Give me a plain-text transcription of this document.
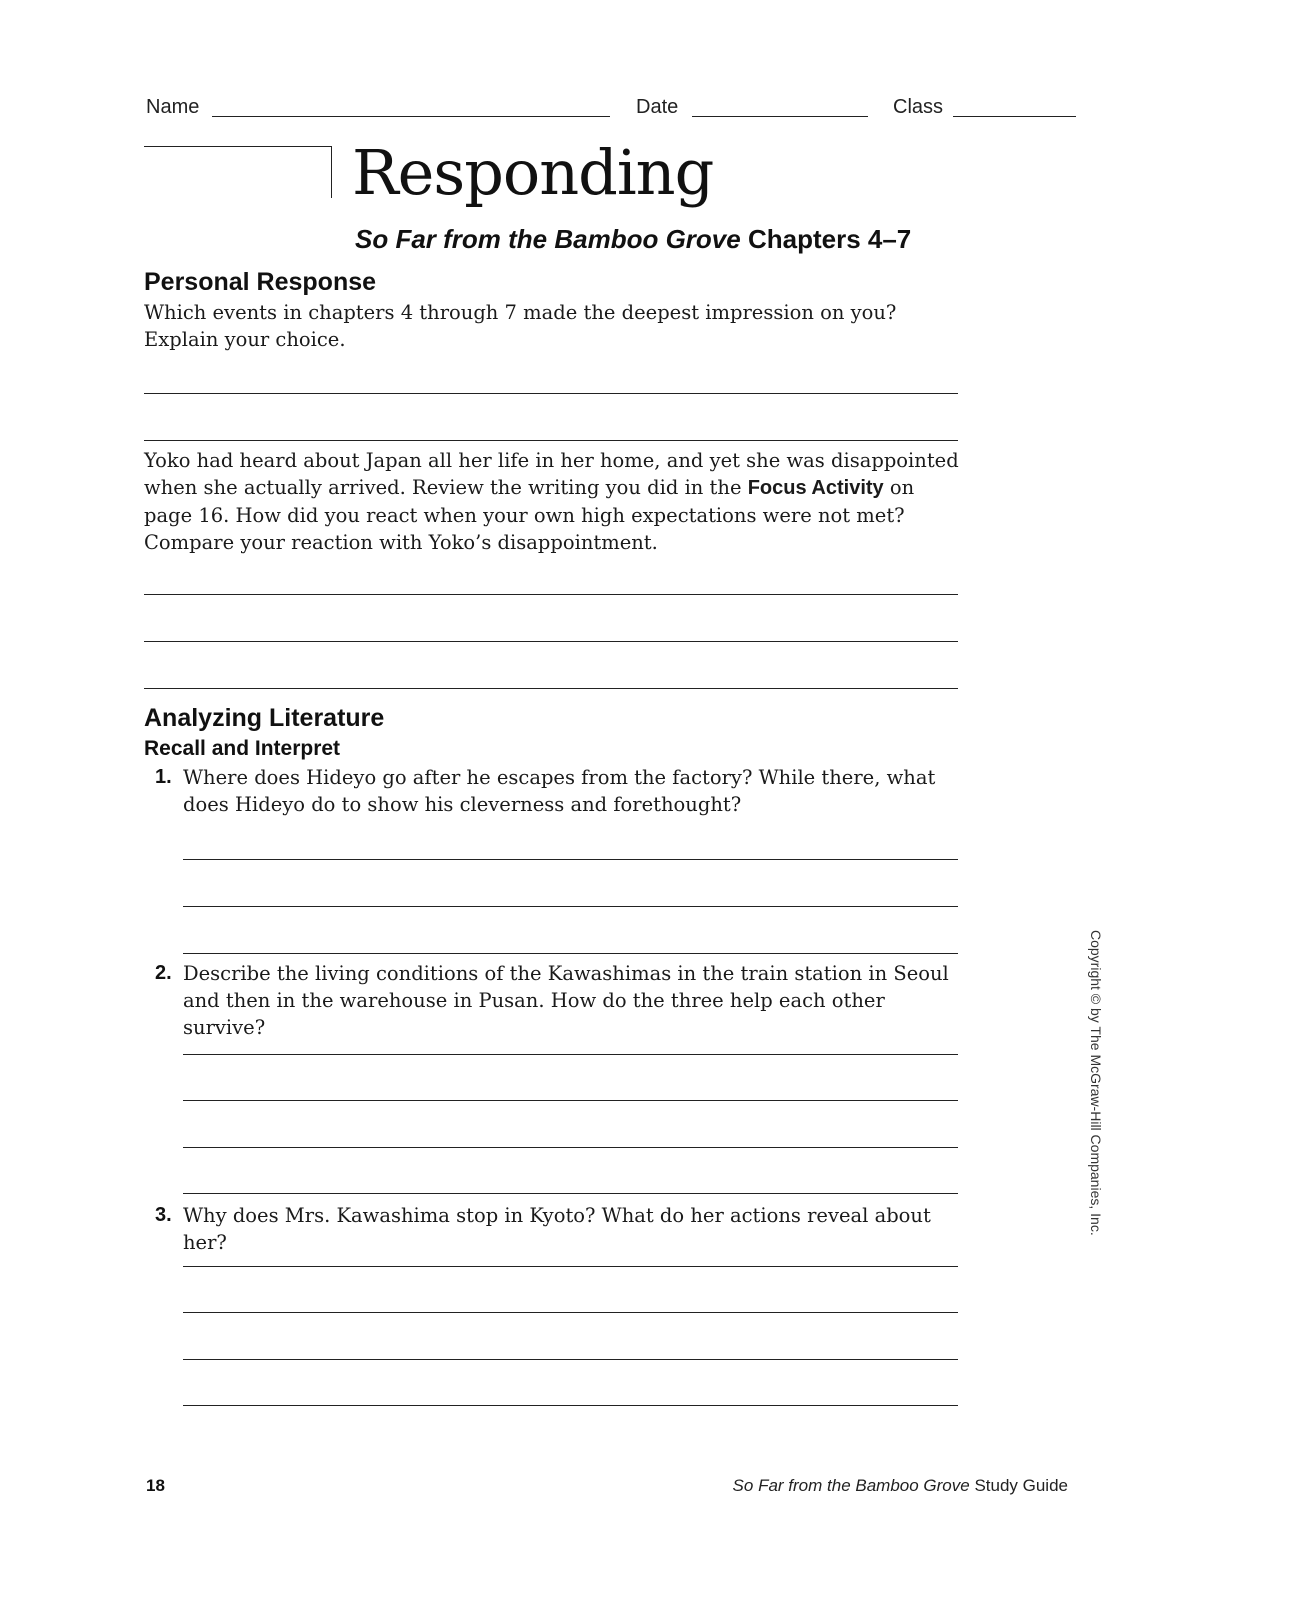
Name	Date	Class
Responding
So Far from the Bamboo Grove Chapters 4–7
Personal Response
Which events in chapters 4 through 7 made the deepest impression on you? Explain your choice.
Yoko had heard about Japan all her life in her home, and yet she was disappointed when she actually arrived. Review the writing you did in the Focus Activity on page 16. How did you react when your own high expectations were not met? Compare your reaction with Yoko’s disappointment.
Analyzing Literature
Recall and Interpret
1. Where does Hideyo go after he escapes from the factory? While there, what does Hideyo do to show his cleverness and forethought?
2. Describe the living conditions of the Kawashimas in the train station in Seoul and then in the warehouse in Pusan. How do the three help each other survive?
3. Why does Mrs. Kawashima stop in Kyoto? What do her actions reveal about her?
Copyright © by The McGraw-Hill Companies, Inc.
18	So Far from the Bamboo Grove Study Guide
